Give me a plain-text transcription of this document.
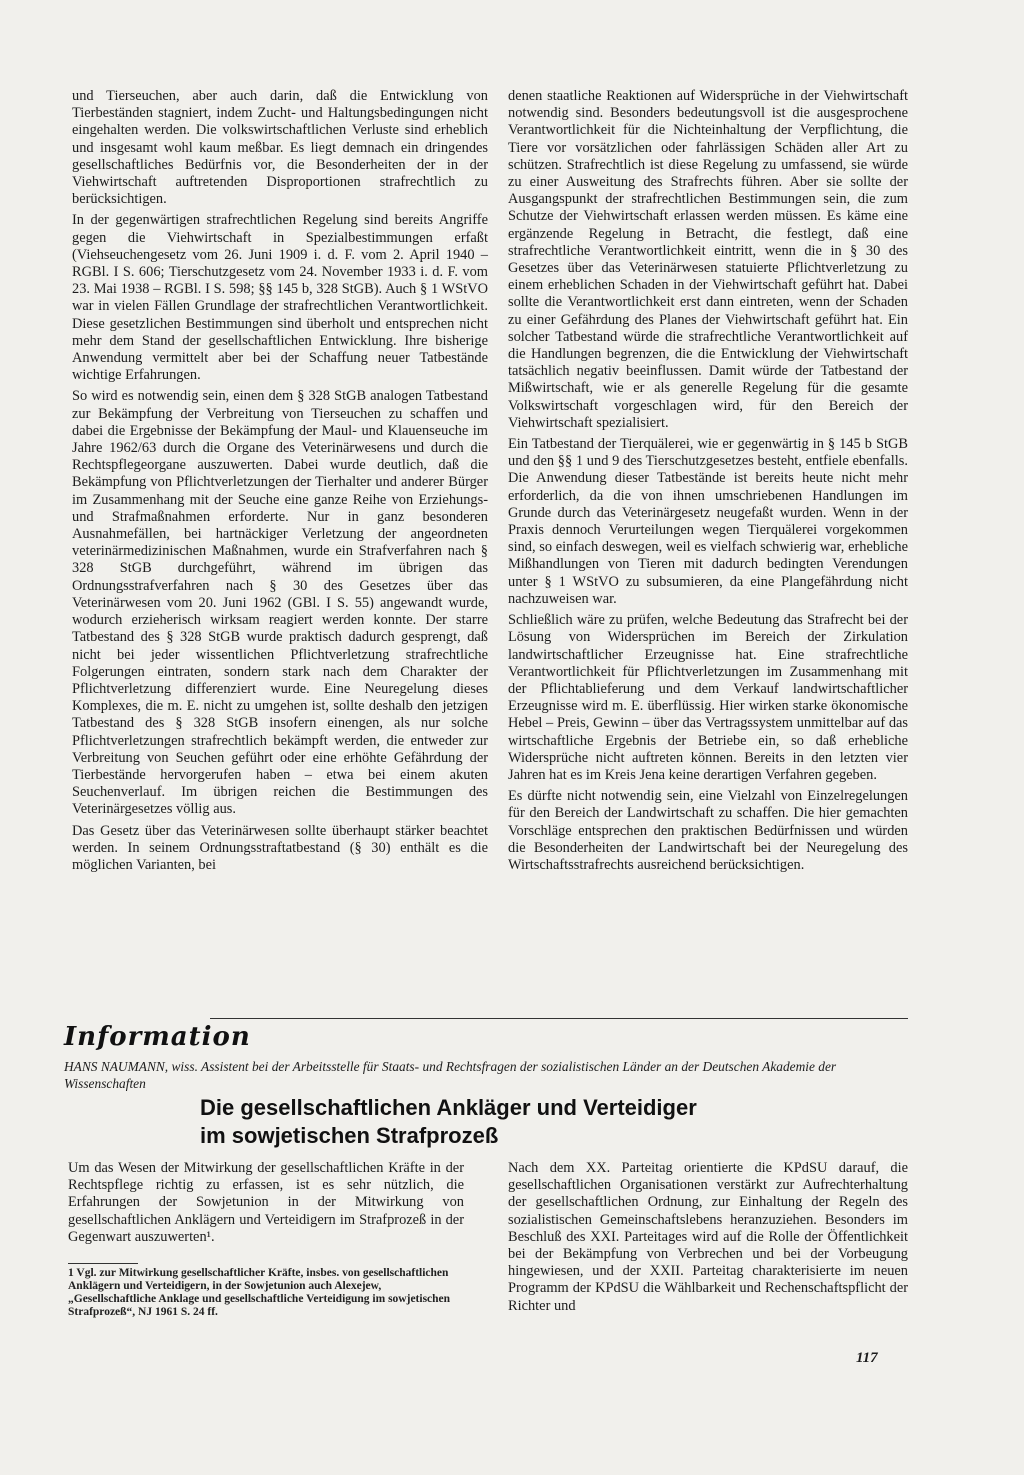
und Tierseuchen, aber auch darin, daß die Entwicklung von Tierbeständen stagniert, indem Zucht- und Haltungsbedingungen nicht eingehalten werden. Die volkswirtschaftlichen Verluste sind erheblich und insgesamt wohl kaum meßbar. Es liegt demnach ein dringendes gesellschaftliches Bedürfnis vor, die Besonderheiten der in der Viehwirtschaft auftretenden Disproportionen strafrechtlich zu berücksichtigen.

In der gegenwärtigen strafrechtlichen Regelung sind bereits Angriffe gegen die Viehwirtschaft in Spezialbestimmungen erfaßt (Viehseuchengesetz vom 26. Juni 1909 i. d. F. vom 2. April 1940 – RGBl. I S. 606; Tierschutzgesetz vom 24. November 1933 i. d. F. vom 23. Mai 1938 – RGBl. I S. 598; §§ 145 b, 328 StGB). Auch § 1 WStVO war in vielen Fällen Grundlage der strafrechtlichen Verantwortlichkeit. Diese gesetzlichen Bestimmungen sind überholt und entsprechen nicht mehr dem Stand der gesellschaftlichen Entwicklung. Ihre bisherige Anwendung vermittelt aber bei der Schaffung neuer Tatbestände wichtige Erfahrungen.

So wird es notwendig sein, einen dem § 328 StGB analogen Tatbestand zur Bekämpfung der Verbreitung von Tierseuchen zu schaffen und dabei die Ergebnisse der Bekämpfung der Maul- und Klauenseuche im Jahre 1962/63 durch die Organe des Veterinärwesens und durch die Rechtspflegeorgane auszuwerten. Dabei wurde deutlich, daß die Bekämpfung von Pflichtverletzungen der Tierhalter und anderer Bürger im Zusammenhang mit der Seuche eine ganze Reihe von Erziehungs- und Strafmaßnahmen erforderte. Nur in ganz besonderen Ausnahmefällen, bei hartnäckiger Verletzung der angeordneten veterinärmedizinischen Maßnahmen, wurde ein Strafverfahren nach § 328 StGB durchgeführt, während im übrigen das Ordnungsstrafverfahren nach § 30 des Gesetzes über das Veterinärwesen vom 20. Juni 1962 (GBl. I S. 55) angewandt wurde, wodurch erzieherisch wirksam reagiert werden konnte. Der starre Tatbestand des § 328 StGB wurde praktisch dadurch gesprengt, daß nicht bei jeder wissentlichen Pflichtverletzung strafrechtliche Folgerungen eintraten, sondern stark nach dem Charakter der Pflichtverletzung differenziert wurde. Eine Neuregelung dieses Komplexes, die m. E. nicht zu umgehen ist, sollte deshalb den jetzigen Tatbestand des § 328 StGB insofern einengen, als nur solche Pflichtverletzungen strafrechtlich bekämpft werden, die entweder zur Verbreitung von Seuchen geführt oder eine erhöhte Gefährdung der Tierbestände hervorgerufen haben – etwa bei einem akuten Seuchenverlauf. Im übrigen reichen die Bestimmungen des Veterinärgesetzes völlig aus.

Das Gesetz über das Veterinärwesen sollte überhaupt stärker beachtet werden. In seinem Ordnungsstraftatbestand (§ 30) enthält es die möglichen Varianten, bei

denen staatliche Reaktionen auf Widersprüche in der Viehwirtschaft notwendig sind. Besonders bedeutungsvoll ist die ausgesprochene Verantwortlichkeit für die Nichteinhaltung der Verpflichtung, die Tiere vor vorsätzlichen oder fahrlässigen Schäden aller Art zu schützen. Strafrechtlich ist diese Regelung zu umfassend, sie würde zu einer Ausweitung des Strafrechts führen. Aber sie sollte der Ausgangspunkt der strafrechtlichen Bestimmungen sein, die zum Schutze der Viehwirtschaft erlassen werden müssen. Es käme eine ergänzende Regelung in Betracht, die festlegt, daß eine strafrechtliche Verantwortlichkeit eintritt, wenn die in § 30 des Gesetzes über das Veterinärwesen statuierte Pflichtverletzung zu einem erheblichen Schaden in der Viehwirtschaft geführt hat. Dabei sollte die Verantwortlichkeit erst dann eintreten, wenn der Schaden zu einer Gefährdung des Planes der Viehwirtschaft geführt hat. Ein solcher Tatbestand würde die strafrechtliche Verantwortlichkeit auf die Handlungen begrenzen, die die Entwicklung der Viehwirtschaft tatsächlich negativ beeinflussen. Damit würde der Tatbestand der Mißwirtschaft, wie er als generelle Regelung für die gesamte Volkswirtschaft vorgeschlagen wird, für den Bereich der Viehwirtschaft spezialisiert.

Ein Tatbestand der Tierquälerei, wie er gegenwärtig in § 145 b StGB und den §§ 1 und 9 des Tierschutzgesetzes besteht, entfiele ebenfalls. Die Anwendung dieser Tatbestände ist bereits heute nicht mehr erforderlich, da die von ihnen umschriebenen Handlungen im Grunde durch das Veterinärgesetz neugefaßt wurden. Wenn in der Praxis dennoch Verurteilungen wegen Tierquälerei vorgekommen sind, so einfach deswegen, weil es vielfach schwierig war, erhebliche Mißhandlungen von Tieren mit dadurch bedingten Verendungen unter § 1 WStVO zu subsumieren, da eine Plangefährdung nicht nachzuweisen war.

Schließlich wäre zu prüfen, welche Bedeutung das Strafrecht bei der Lösung von Widersprüchen im Bereich der Zirkulation landwirtschaftlicher Erzeugnisse hat. Eine strafrechtliche Verantwortlichkeit für Pflichtverletzungen im Zusammenhang mit der Pflichtablieferung und dem Verkauf landwirtschaftlicher Erzeugnisse wird m. E. überflüssig. Hier wirken starke ökonomische Hebel – Preis, Gewinn – über das Vertragssystem unmittelbar auf das wirtschaftliche Ergebnis der Betriebe ein, so daß erhebliche Widersprüche nicht auftreten können. Bereits in den letzten vier Jahren hat es im Kreis Jena keine derartigen Verfahren gegeben.

Es dürfte nicht notwendig sein, eine Vielzahl von Einzelregelungen für den Bereich der Landwirtschaft zu schaffen. Die hier gemachten Vorschläge entsprechen den praktischen Bedürfnissen und würden die Besonderheiten der Landwirtschaft bei der Neuregelung des Wirtschaftsstrafrechts ausreichend berücksichtigen.

Information
HANS NAUMANN, wiss. Assistent bei der Arbeitsstelle für Staats- und Rechtsfragen der sozialistischen Länder an der Deutschen Akademie der Wissenschaften
Die gesellschaftlichen Ankläger und Verteidiger
im sowjetischen Strafprozeß

Um das Wesen der Mitwirkung der gesellschaftlichen Kräfte in der Rechtspflege richtig zu erfassen, ist es sehr nützlich, die Erfahrungen der Sowjetunion in der Mitwirkung von gesellschaftlichen Anklägern und Verteidigern im Strafprozeß in der Gegenwart auszuwerten¹.

1 Vgl. zur Mitwirkung gesellschaftlicher Kräfte, insbes. von gesellschaftlichen Anklägern und Verteidigern, in der Sowjetunion auch Alexejew, „Gesellschaftliche Anklage und gesellschaftliche Verteidigung im sowjetischen Strafprozeß“, NJ 1961 S. 24 ff.

Nach dem XX. Parteitag orientierte die KPdSU darauf, die gesellschaftlichen Organisationen verstärkt zur Aufrechterhaltung der gesellschaftlichen Ordnung, zur Einhaltung der Regeln des sozialistischen Gemeinschaftslebens heranzuziehen. Besonders im Beschluß des XXI. Parteitages wird auf die Rolle der Öffentlichkeit bei der Bekämpfung von Verbrechen und bei der Vorbeugung hingewiesen, und der XXII. Parteitag charakterisierte im neuen Programm der KPdSU die Wählbarkeit und Rechenschaftspflicht der Richter und

117
